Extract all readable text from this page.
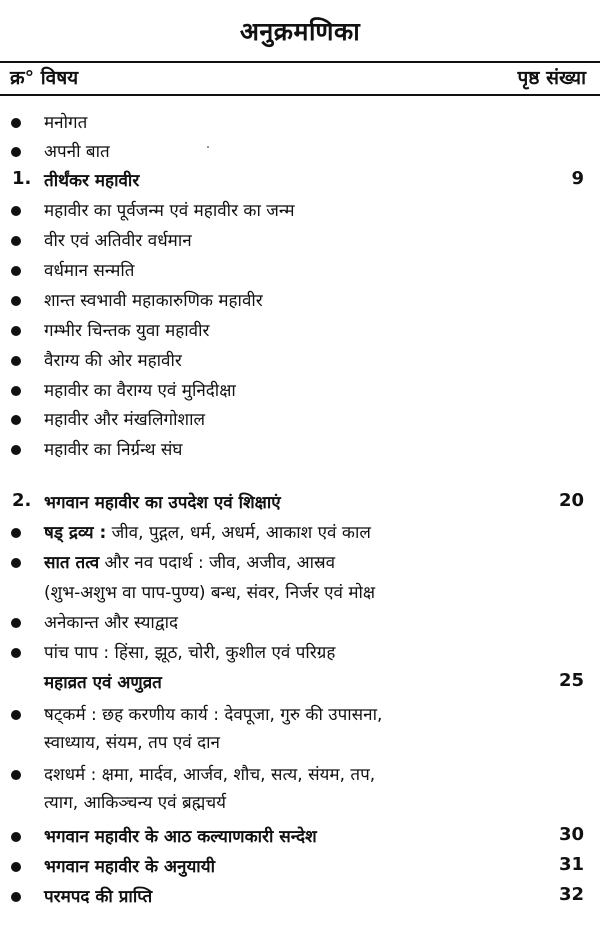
अनुक्रमणिका
क्र° विषय	पृष्ठ संख्या
मनोगत
अपनी बात
1. तीर्थंकर महावीर	9
महावीर का पूर्वजन्म एवं महावीर का जन्म
वीर एवं अतिवीर वर्धमान
वर्धमान सन्मति
शान्त स्वभावी महाकारुणिक महावीर
गम्भीर चिन्तक युवा महावीर
वैराग्य की ओर महावीर
महावीर का वैराग्य एवं मुनिदीक्षा
महावीर और मंखलिगोशाल
महावीर का निर्ग्रन्थ संघ
2. भगवान महावीर का उपदेश एवं शिक्षाएं	20
षड् द्रव्य : जीव, पुद्गल, धर्म, अधर्म, आकाश एवं काल
सात तत्व और नव पदार्थ : जीव, अजीव, आस्रव
(शुभ-अशुभ वा पाप-पुण्य) बन्ध, संवर, निर्जर एवं मोक्ष
अनेकान्त और स्याद्वाद
पांच पाप : हिंसा, झूठ, चोरी, कुशील एवं परिग्रह
महाव्रत एवं अणुव्रत	25
षट्कर्म : छह करणीय कार्य : देवपूजा, गुरु की उपासना,
स्वाध्याय, संयम, तप एवं दान
दशधर्म : क्षमा, मार्दव, आर्जव, शौच, सत्य, संयम, तप,
त्याग, आकिञ्चन्य एवं ब्रह्मचर्य
भगवान महावीर के आठ कल्याणकारी सन्देश	30
भगवान महावीर के अनुयायी	31
परमपद की प्राप्ति	32
